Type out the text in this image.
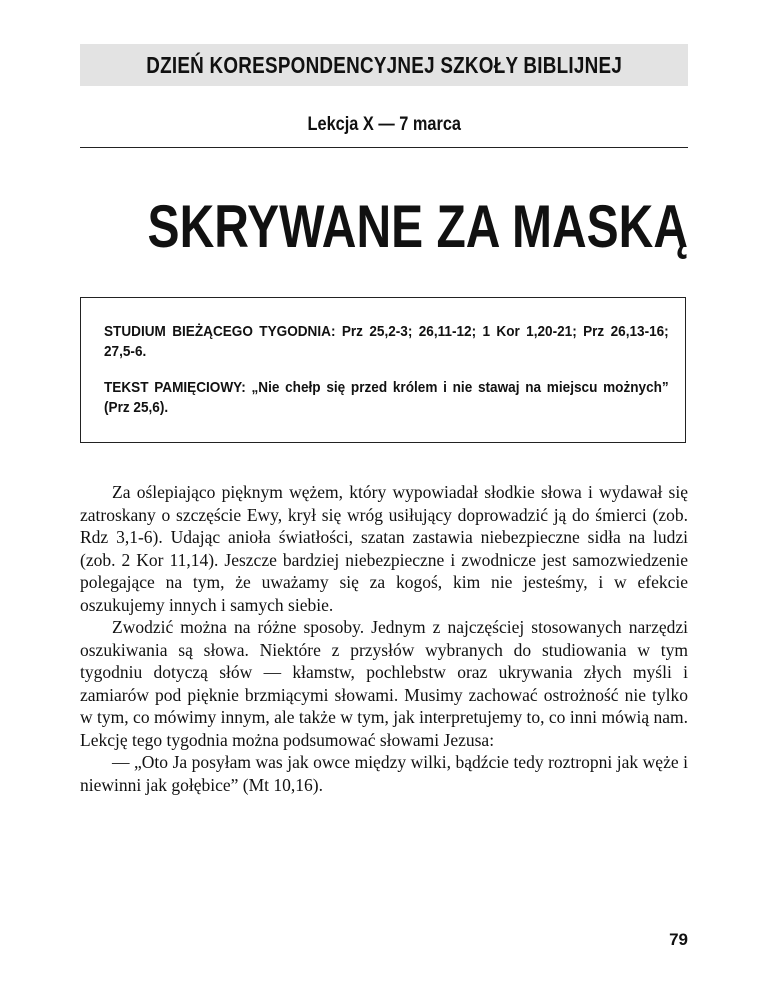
DZIEŃ KORESPONDENCYJNEJ SZKOŁY BIBLIJNEJ
Lekcja X — 7 marca
SKRYWANE ZA MASKĄ
STUDIUM BIEŻĄCEGO TYGODNIA: Prz 25,2-3; 26,11-12; 1 Kor 1,20-21; Prz 26,13-16; 27,5-6.
TEKST PAMIĘCIOWY: „Nie chełp się przed królem i nie stawaj na miejscu możnych” (Prz 25,6).

Za oślepiająco pięknym wężem, który wypowiadał słodkie słowa i wydawał się zatroskany o szczęście Ewy, krył się wróg usiłujący doprowadzić ją do śmierci (zob. Rdz 3,1-6). Udając anioła światłości, szatan zastawia niebezpieczne sidła na ludzi (zob. 2 Kor 11,14). Jeszcze bardziej niebezpieczne i zwodnicze jest samozwiedzenie polegające na tym, że uważamy się za kogoś, kim nie jesteśmy, i w efekcie oszukujemy innych i samych siebie.

Zwodzić można na różne sposoby. Jednym z najczęściej stosowanych narzędzi oszukiwania są słowa. Niektóre z przysłów wybranych do studiowania w tym tygodniu dotyczą słów — kłamstw, pochlebstw oraz ukrywania złych myśli i zamiarów pod pięknie brzmiącymi słowami. Musimy zachować ostrożność nie tylko w tym, co mówimy innym, ale także w tym, jak interpretujemy to, co inni mówią nam. Lekcję tego tygodnia można podsumować słowami Jezusa:

— „Oto Ja posyłam was jak owce między wilki, bądźcie tedy roztropni jak węże i niewinni jak gołębice” (Mt 10,16).

79
